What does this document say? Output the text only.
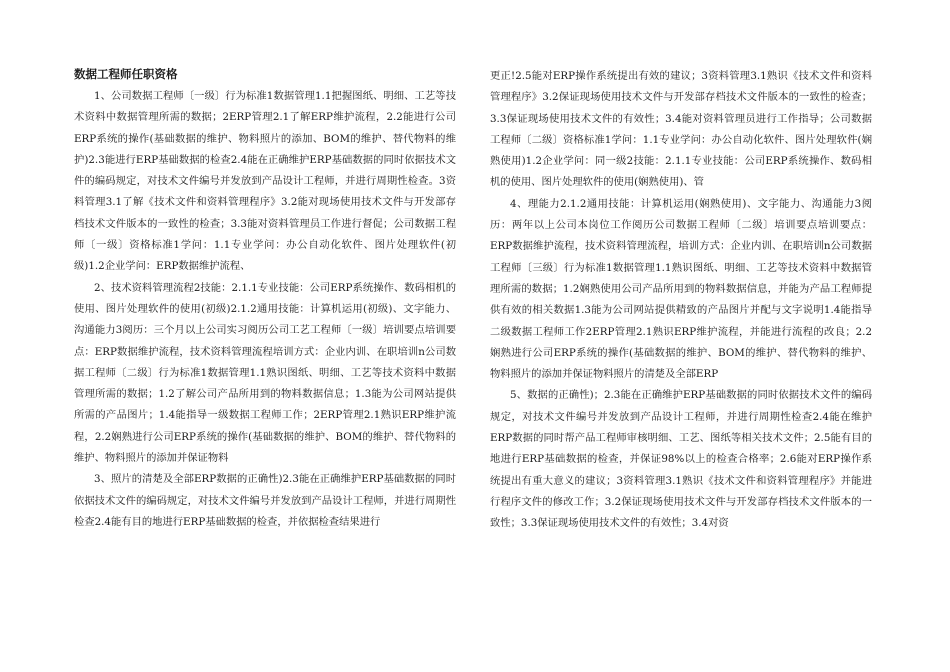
数据工程师任职资格

1、公司数据工程师〔一级〕行为标准1数据管理1.1把握图纸、明细、工艺等技术资料中数据管理所需的数据；2ERP管理2.1了解ERP维护流程，2.2能进行公司ERP系统的操作(基础数据的维护、物料照片的添加、BOM的维护、替代物料的维护)2.3能进行ERP基础数据的检查2.4能在正确维护ERP基础数据的同时依据技术文件的编码规定，对技术文件编号并发放到产品设计工程师，并进行周期性检查。3资料管理3.1了解《技术文件和资料管理程序》3.2能对现场使用技术文件与开发部存档技术文件版本的一致性的检查；3.3能对资料管理员工作进行督促；公司数据工程师〔一级〕资格标准1学问：1.1专业学问：办公自动化软件、图片处理软件(初级)1.2企业学问：ERP数据维护流程、

2、技术资料管理流程2技能：2.1.1专业技能：公司ERP系统操作、数码相机的使用、图片处理软件的使用(初级)2.1.2通用技能：计算机运用(初级)、文字能力、沟通能力3阅历：三个月以上公司实习阅历公司工艺工程师〔一级〕培训要点培训要点：ERP数据维护流程，技术资料管理流程培训方式：企业内训、在职培训n公司数据工程师〔二级〕行为标准1数据管理1.1熟识图纸、明细、工艺等技术资料中数据管理所需的数据；1.2了解公司产品所用到的物料数据信息；1.3能为公司网站提供所需的产品图片；1.4能指导一级数据工程师工作；2ERP管理2.1熟识ERP维护流程，2.2娴熟进行公司ERP系统的操作(基础数据的维护、BOM的维护、替代物料的维护、物料照片的添加并保证物料

3、照片的清楚及全部ERP数据的正确性)2.3能在正确维护ERP基础数据的同时依据技术文件的编码规定，对技术文件编号并发放到产品设计工程师，并进行周期性检查2.4能有目的地进行ERP基础数据的检查，并依据检查结果进行

更正!2.5能对ERP操作系统提出有效的建议；3资料管理3.1熟识《技术文件和资料管理程序》3.2保证现场使用技术文件与开发部存档技术文件版本的一致性的检查；3.3保证现场使用技术文件的有效性；3.4能对资料管理员进行工作指导；公司数据工程师〔二级〕资格标准1学问：1.1专业学问：办公自动化软件、图片处理软件(娴熟使用)1.2企业学问：同一级2技能：2.1.1专业技能：公司ERP系统操作、数码相机的使用、图片处理软件的使用(娴熟使用)、管

4、理能力2.1.2通用技能：计算机运用(娴熟使用)、文字能力、沟通能力3阅历：两年以上公司本岗位工作阅历公司数据工程师〔二级〕培训要点培训要点：ERP数据维护流程，技术资料管理流程，培训方式：企业内训、在职培训n公司数据工程师〔三级〕行为标准1数据管理1.1熟识图纸、明细、工艺等技术资料中数据管理所需的数据；1.2娴熟使用公司产品所用到的物料数据信息，并能为产品工程师提供有效的相关数据1.3能为公司网站提供精致的产品图片并配与文字说明1.4能指导二级数据工程师工作2ERP管理2.1熟识ERP维护流程，并能进行流程的改良；2.2娴熟进行公司ERP系统的操作(基础数据的维护、BOM的维护、替代物料的维护、物料照片的添加并保证物料照片的清楚及全部ERP

5、数据的正确性)；2.3能在正确维护ERP基础数据的同时依据技术文件的编码规定，对技术文件编号并发放到产品设计工程师，并进行周期性检查2.4能在维护ERP数据的同时帮产品工程师审核明细、工艺、图纸等相关技术文件；2.5能有目的地进行ERP基础数据的检查，并保证98%以上的检查合格率；2.6能对ERP操作系统提出有重大意义的建议；3资料管理3.1熟识《技术文件和资料管理程序》并能进行程序文件的修改工作；3.2保证现场使用技术文件与开发部存档技术文件版本的一致性；3.3保证现场使用技术文件的有效性；3.4对资
